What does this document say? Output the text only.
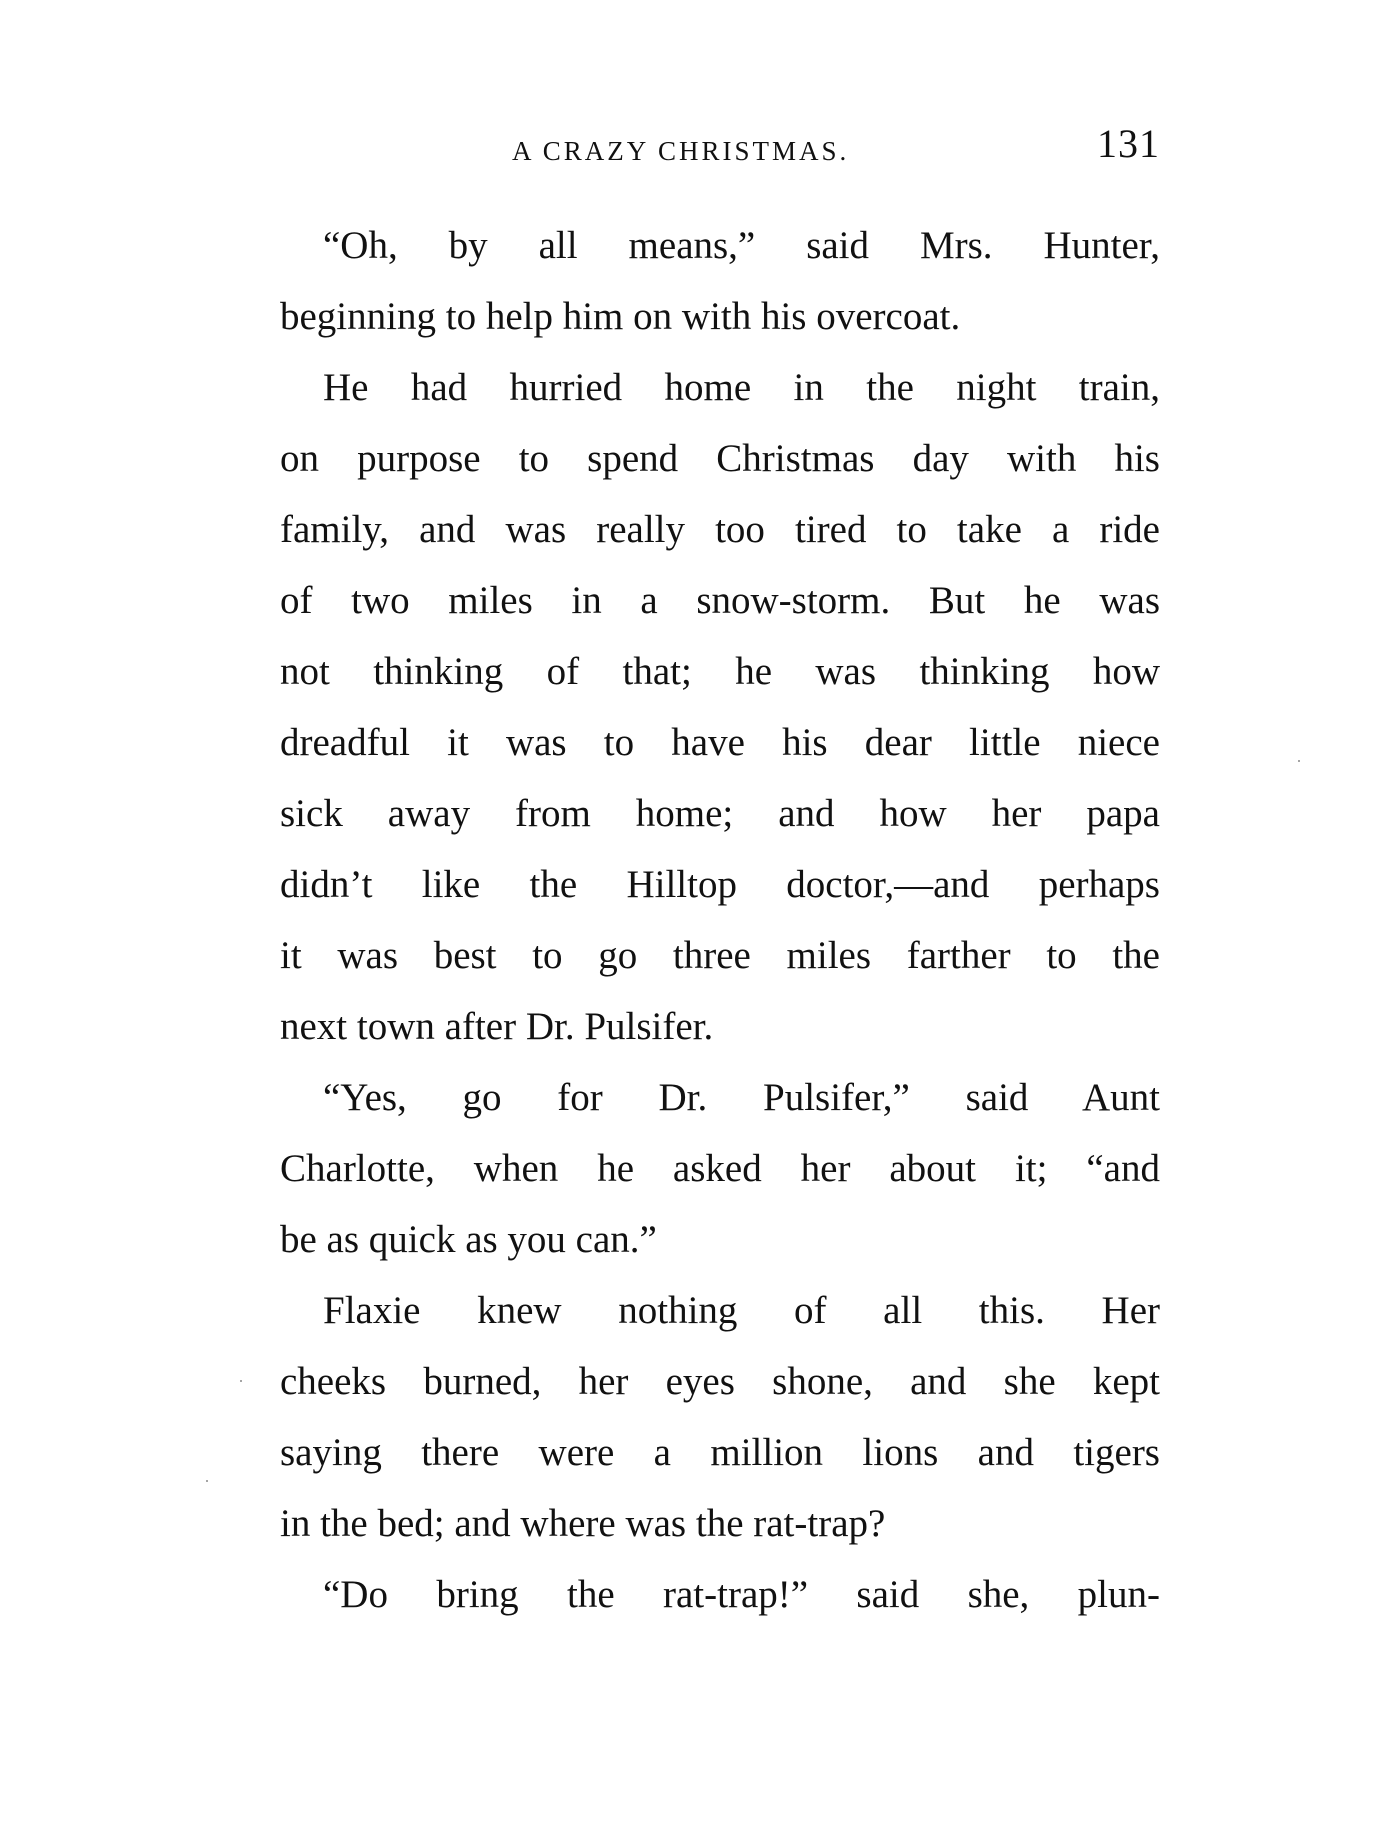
A CRAZY CHRISTMAS.	131
“Oh, by all means,” said Mrs. Hunter,
beginning to help him on with his overcoat.
He had hurried home in the night train,
on purpose to spend Christmas day with his
family, and was really too tired to take a ride
of two miles in a snow-storm. But he was
not thinking of that; he was thinking how
dreadful it was to have his dear little niece
sick away from home; and how her papa
didn’t like the Hilltop doctor,—and perhaps
it was best to go three miles farther to the
next town after Dr. Pulsifer.
“Yes, go for Dr. Pulsifer,” said Aunt
Charlotte, when he asked her about it; “and
be as quick as you can.”
Flaxie knew nothing of all this. Her
cheeks burned, her eyes shone, and she kept
saying there were a million lions and tigers
in the bed; and where was the rat-trap?
“Do bring the rat-trap!” said she, plun-
